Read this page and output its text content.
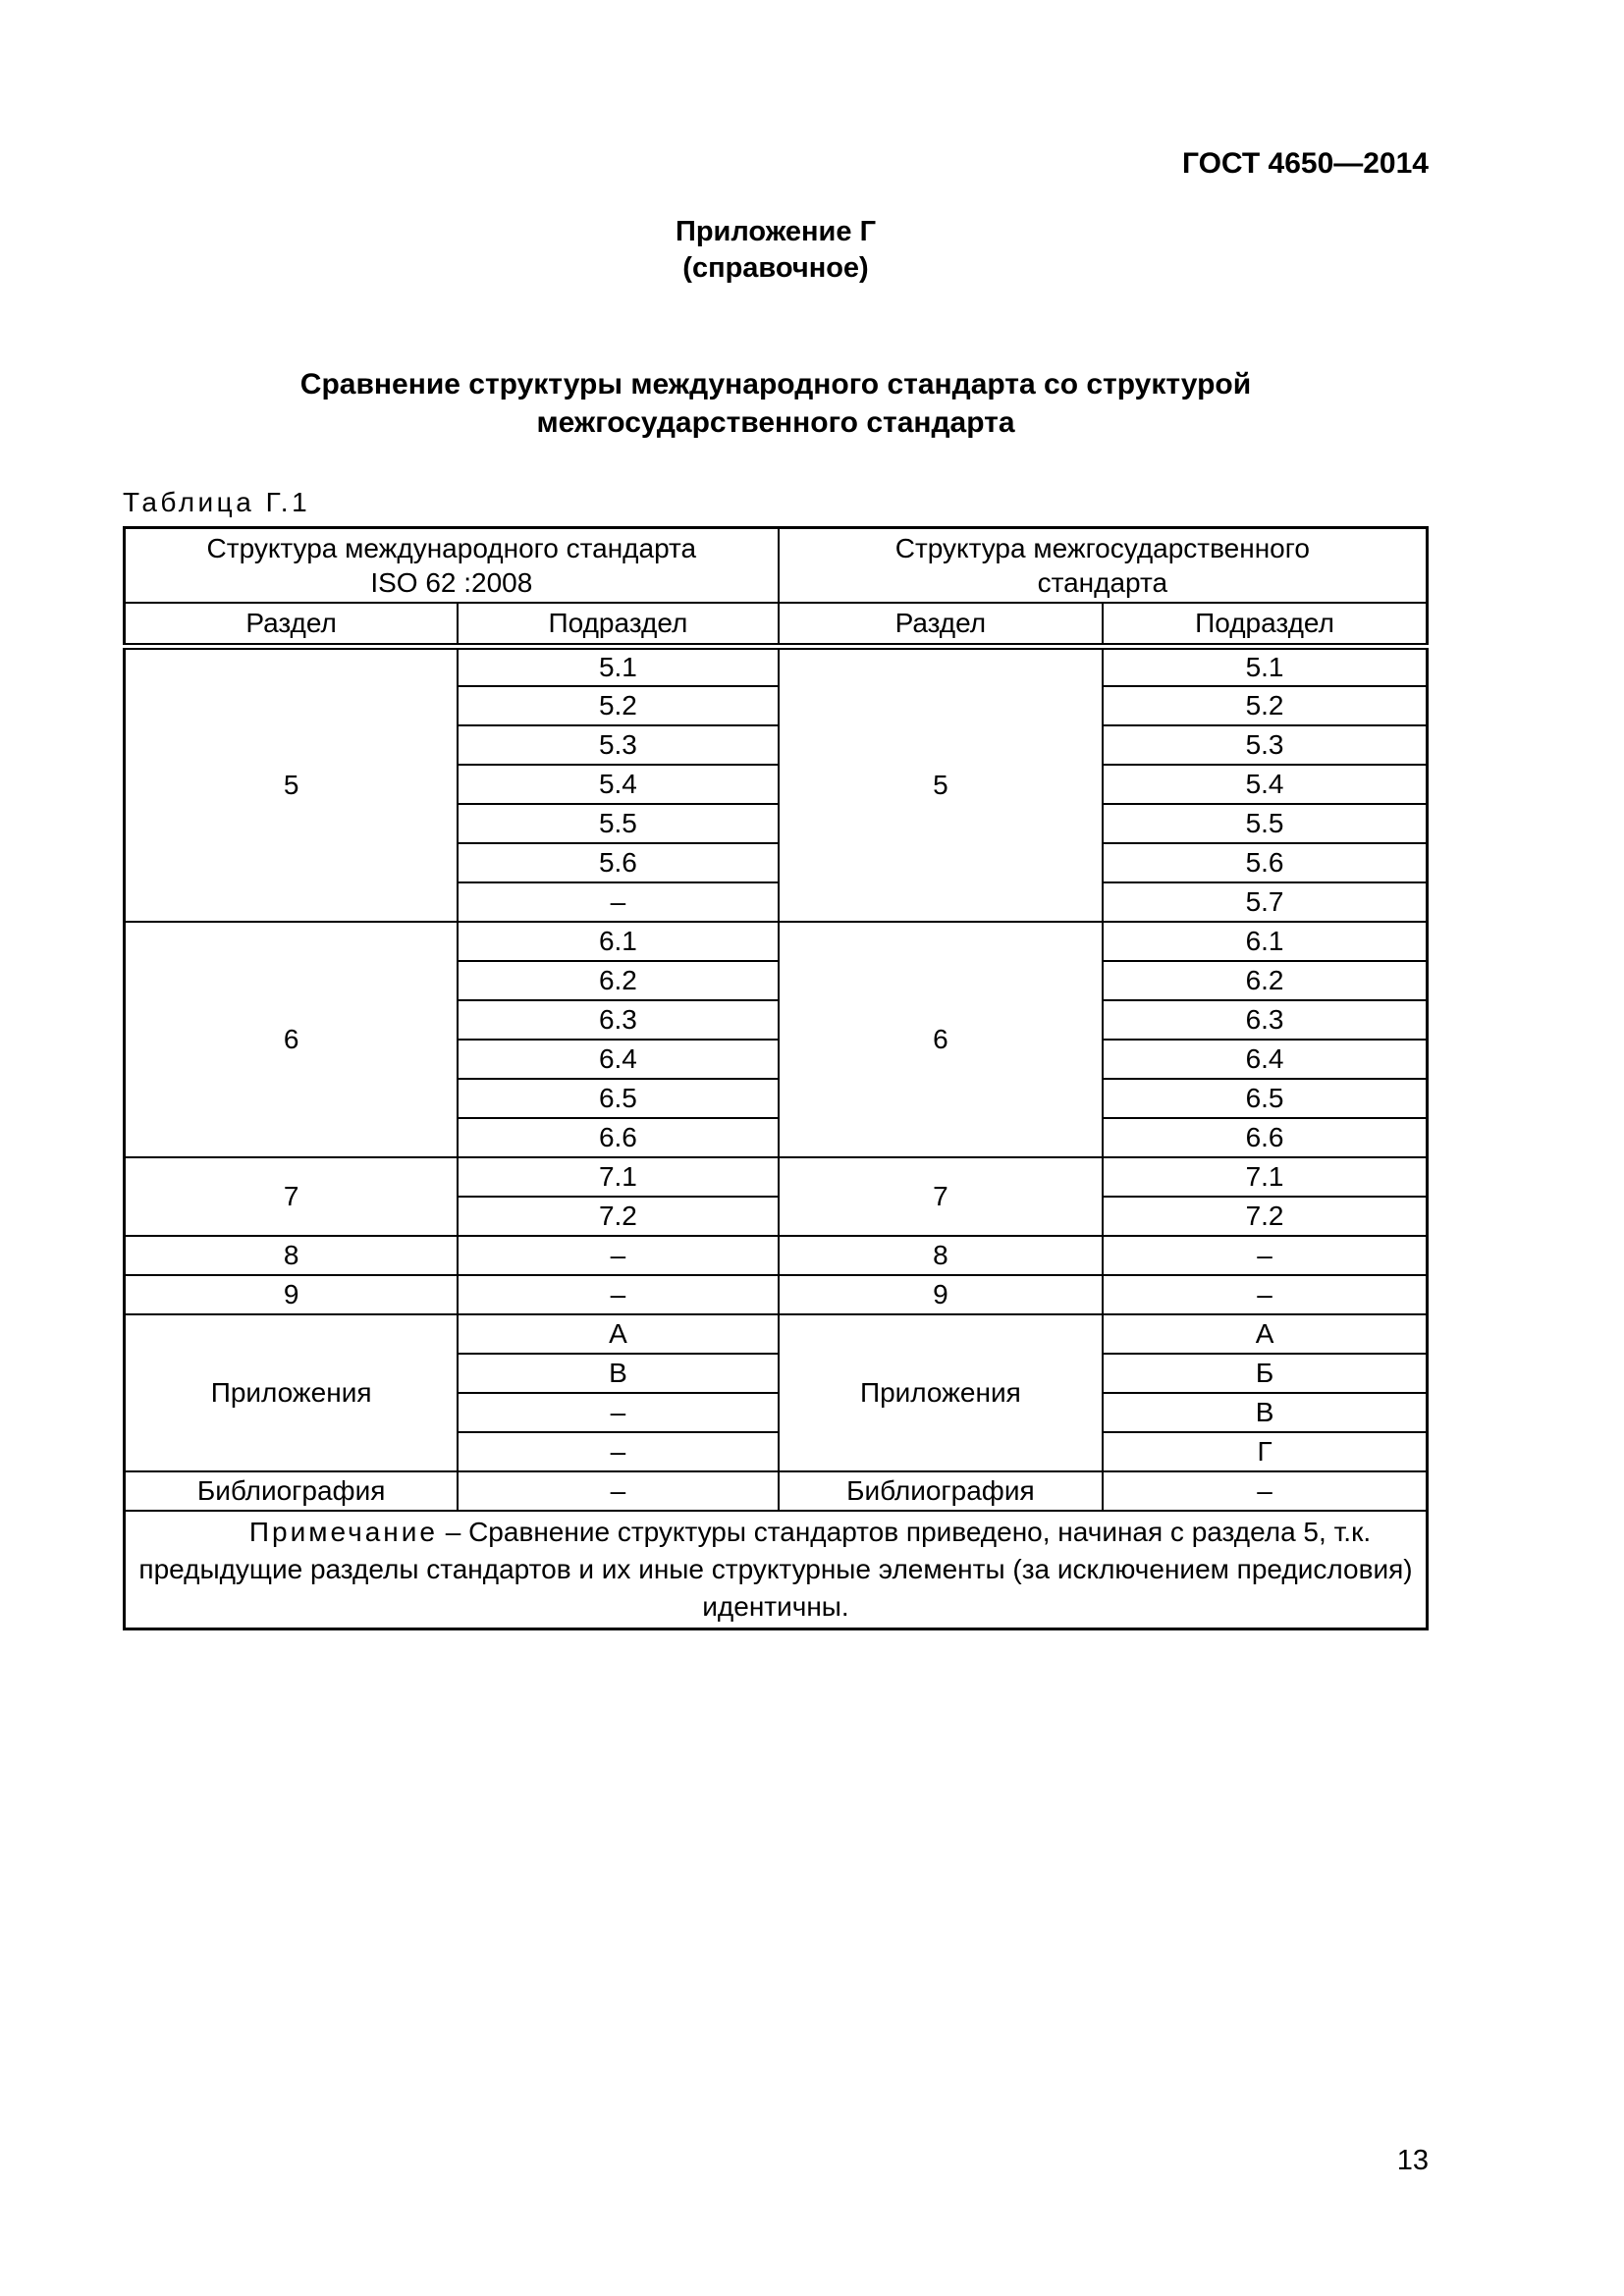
ГОСТ 4650—2014
Приложение Г
(справочное)
Сравнение структуры международного стандарта со структурой
межгосударственного стандарта
Таблица Г.1
Структура международного стандарта
ISO 62 :2008

Структура межгосударственного
стандарта

Раздел	Подраздел	Раздел	Подраздел
5	5.1	5	5.1
	5.2		5.2
	5.3		5.3
	5.4		5.4
	5.5		5.5
	5.6		5.6
	–		5.7
6	6.1	6	6.1
	6.2		6.2
	6.3		6.3
	6.4		6.4
	6.5		6.5
	6.6		6.6
7	7.1	7	7.1
	7.2		7.2
8	–	8	–
9	–	9	–
Приложения	А	Приложения	А
	В		Б
	–		В
	–		Г
Библиография	–	Библиография	–

Примечание – Сравнение структуры стандартов приведено, начиная с раздела 5, т.к. предыдущие разделы стандартов и их иные структурные элементы (за исключением предисловия) идентичны.			

13
